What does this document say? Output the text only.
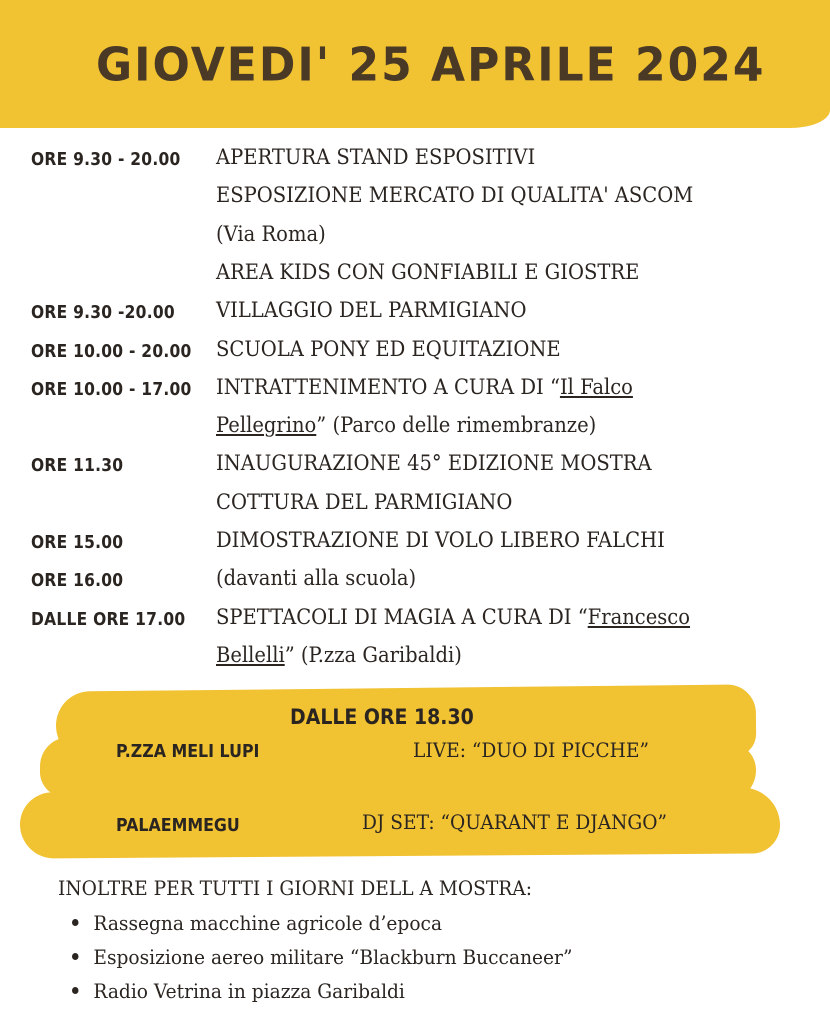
GIOVEDI' 25 APRILE 2024
ORE 9.30 - 20.00	APERTURA STAND ESPOSITIVI
ESPOSIZIONE MERCATO DI QUALITA' ASCOM
(Via Roma)
AREA KIDS CON GONFIABILI E GIOSTRE
ORE 9.30 -20.00	VILLAGGIO DEL PARMIGIANO
ORE 10.00 - 20.00 SCUOLA PONY ED EQUITAZIONE
ORE 10.00 - 17.00 INTRATTENIMENTO A CURA DI “Il Falco
Pellegrino” (Parco delle rimembranze)
ORE 11.30	INAUGURAZIONE 45° EDIZIONE MOSTRA
COTTURA DEL PARMIGIANO
ORE 15.00	DIMOSTRAZIONE DI VOLO LIBERO FALCHI
ORE 16.00	(davanti alla scuola)
DALLE ORE 17.00 SPETTACOLI DI MAGIA A CURA DI “Francesco
Bellelli” (P.zza Garibaldi)
DALLE ORE 18.30
P.ZZA MELI LUPI	LIVE: “DUO DI PICCHE”
PALAEMMEGU	DJ SET: “QUARANT E DJANGO”
INOLTRE PER TUTTI I GIORNI DELL A MOSTRA:
Rassegna macchine agricole d’epoca
Esposizione aereo militare “Blackburn Buccaneer”
Radio Vetrina in piazza Garibaldi
